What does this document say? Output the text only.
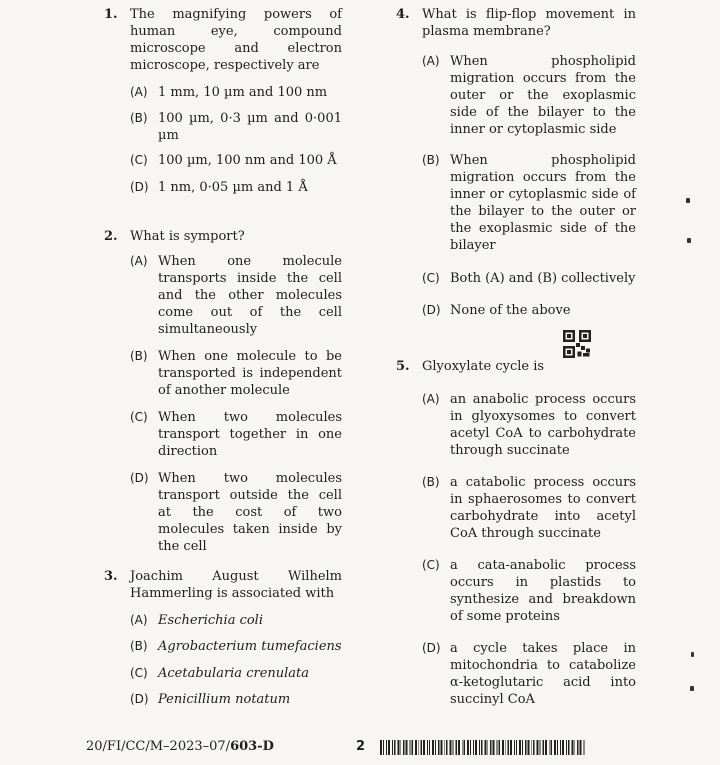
1. The magnifying powers of human eye, compound microscope and electron microscope, respectively are
(A) 1 mm, 10 µm and 100 nm
(B) 100 µm, 0·3 µm and 0·001 µm
(C) 100 µm, 100 nm and 100 Å
(D) 1 nm, 0·05 µm and 1 Å
2. What is symport?
(A) When one molecule transports inside the cell and the other molecules come out of the cell simultaneously
(B) When one molecule to be transported is independent of another molecule
(C) When two molecules transport together in one direction
(D) When two molecules transport outside the cell at the cost of two molecules taken inside by the cell
3. Joachim August Wilhelm Hammerling is associated with
(A) Escherichia coli
(B) Agrobacterium tumefaciens
(C) Acetabularia crenulata
(D) Penicillium notatum
4. What is flip-flop movement in plasma membrane?
(A) When phospholipid migration occurs from the outer or the exoplasmic side of the bilayer to the inner or cytoplasmic side
(B) When phospholipid migration occurs from the inner or cytoplasmic side of the bilayer to the outer or the exoplasmic side of the bilayer
(C) Both (A) and (B) collectively
(D) None of the above
5. Glyoxylate cycle is
(A) an anabolic process occurs in glyoxysomes to convert acetyl CoA to carbohydrate through succinate
(B) a catabolic process occurs in sphaerosomes to convert carbohydrate into acetyl CoA through succinate
(C) a cata-anabolic process occurs in plastids to synthesize and breakdown of some proteins
(D) a cycle takes place in mitochondria to catabolize α-ketoglutaric acid into succinyl CoA
20/FI/CC/M–2023–07/603-D	2
